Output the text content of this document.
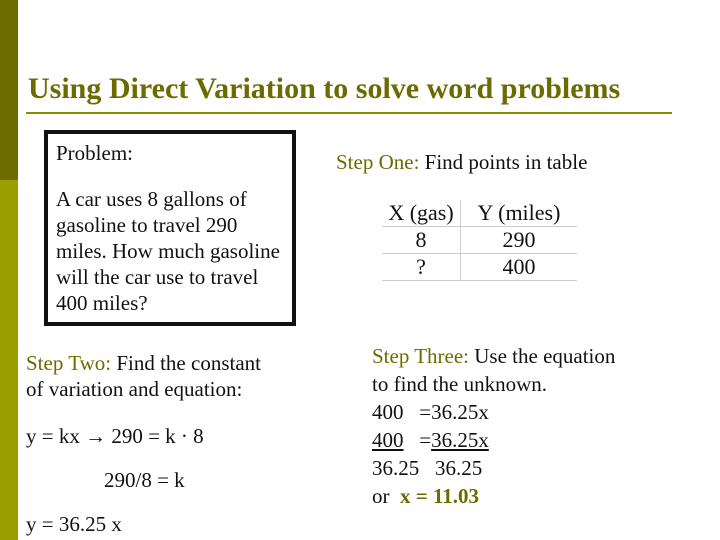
Using Direct Variation to solve word problems

Problem:

A car uses 8 gallons of gasoline to travel 290 miles. How much gasoline will the car use to travel 400 miles?

Step One: Find points in table
X (gas)	Y (miles)
8	290
?	400

Step Two: Find the constant

of variation and equation:

y = kx → 290 = k · 8
290/8 = k
y = 36.25 x

Step Three: Use the equation

to find the unknown.

400   =36.25x

400   =36.25x

36.25   36.25

or  x = 11.03
